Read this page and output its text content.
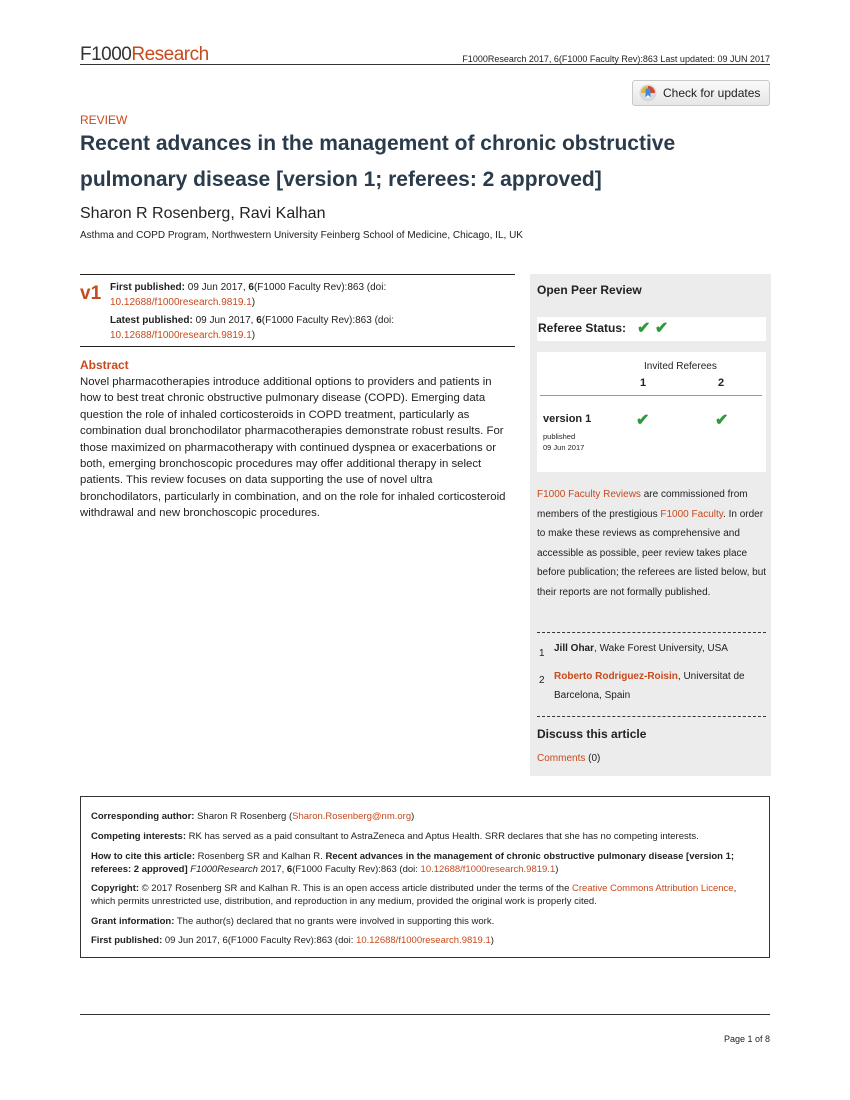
F1000Research	F1000Research 2017, 6(F1000 Faculty Rev):863 Last updated: 09 JUN 2017
Check for updates
REVIEW
Recent advances in the management of chronic obstructive pulmonary disease [version 1; referees: 2 approved]
Sharon R Rosenberg, Ravi Kalhan
Asthma and COPD Program, Northwestern University Feinberg School of Medicine, Chicago, IL, UK
v1 First published: 09 Jun 2017, 6(F1000 Faculty Rev):863 (doi:
10.12688/f1000research.9819.1)
Latest published: 09 Jun 2017, 6(F1000 Faculty Rev):863 (doi:
10.12688/f1000research.9819.1)
Abstract
Novel pharmacotherapies introduce additional options to providers and patients in how to best treat chronic obstructive pulmonary disease (COPD). Emerging data question the role of inhaled corticosteroids in COPD treatment, particularly as combination dual bronchodilator pharmacotherapies demonstrate robust results. For those maximized on pharmacotherapy with continued dyspnea or exacerbations or both, emerging bronchoscopic procedures may offer additional therapy in select patients. This review focuses on data supporting the use of novel ultra bronchodilators, particularly in combination, and on the role for inhaled corticosteroid withdrawal and new bronchoscopic procedures.
Open Peer Review
Referee Status: ✔ ✔
Invited Referees
1	2
version 1
published
09 Jun 2017
✔	✔
F1000 Faculty Reviews are commissioned from members of the prestigious F1000 Faculty. In order to make these reviews as comprehensive and accessible as possible, peer review takes place before publication; the referees are listed below, but their reports are not formally published.
1 Jill Ohar, Wake Forest University, USA
2 Roberto Rodriguez-Roisin, Universitat de Barcelona, Spain
Discuss this article
Comments (0)
Corresponding author: Sharon R Rosenberg (Sharon.Rosenberg@nm.org)
Competing interests: RK has served as a paid consultant to AstraZeneca and Aptus Health. SRR declares that she has no competing interests.
How to cite this article: Rosenberg SR and Kalhan R. Recent advances in the management of chronic obstructive pulmonary disease [version 1; referees: 2 approved] F1000Research 2017, 6(F1000 Faculty Rev):863 (doi: 10.12688/f1000research.9819.1)
Copyright: © 2017 Rosenberg SR and Kalhan R. This is an open access article distributed under the terms of the Creative Commons Attribution Licence, which permits unrestricted use, distribution, and reproduction in any medium, provided the original work is properly cited.
Grant information: The author(s) declared that no grants were involved in supporting this work.
First published: 09 Jun 2017, 6(F1000 Faculty Rev):863 (doi: 10.12688/f1000research.9819.1)
Page 1 of 8
